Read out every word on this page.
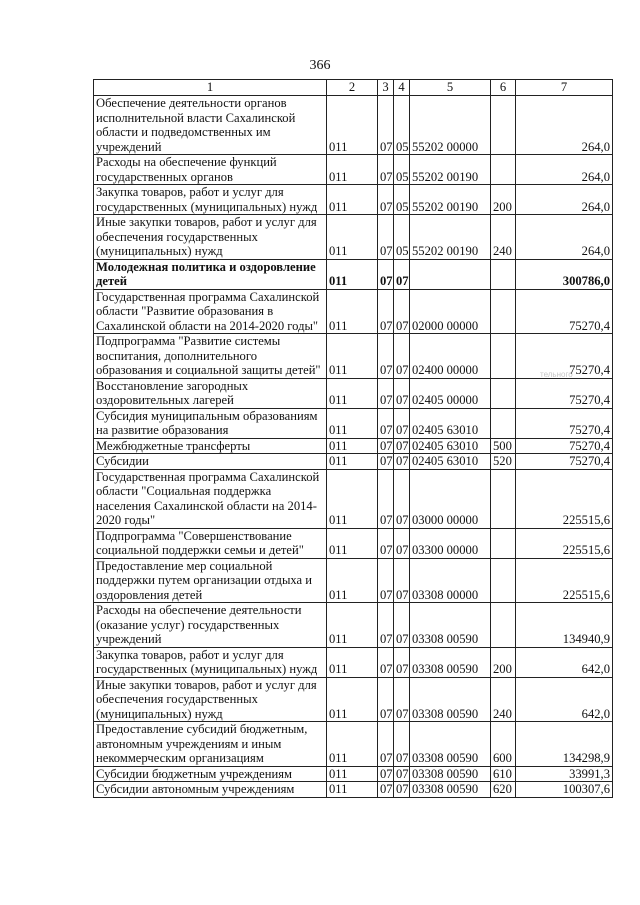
366
1	2	3	4	5	6	7
Обеспечение деятельности органов исполнительной власти Сахалинской области и подведомственных им учреждений	011	07	05	55202 00000		264,0
Расходы на обеспечение функций государственных органов	011	07	05	55202 00190		264,0
Закупка товаров, работ и услуг для государственных (муниципальных) нужд	011	07	05	55202 00190	200	264,0
Иные закупки товаров, работ и услуг для обеспечения государственных (муниципальных) нужд	011	07	05	55202 00190	240	264,0
Молодежная политика и оздоровление детей	011	07	07			300786,0
Государственная программа Сахалинской области "Развитие образования в Сахалинской области на 2014-2020 годы"	011	07	07	02000 00000		75270,4
Подпрограмма "Развитие системы воспитания, дополнительного образования и социальной защиты детей"	011	07	07	02400 00000		75270,4
Восстановление загородных оздоровительных лагерей	011	07	07	02405 00000		75270,4
Субсидия муниципальным образованиям на развитие образования	011	07	07	02405 63010		75270,4
Межбюджетные трансферты	011	07	07	02405 63010	500	75270,4
Субсидии	011	07	07	02405 63010	520	75270,4
Государственная программа Сахалинской области "Социальная поддержка населения Сахалинской области на 2014-2020 годы"	011	07	07	03000 00000		225515,6
Подпрограмма "Совершенствование социальной поддержки семьи и детей"	011	07	07	03300 00000		225515,6
Предоставление мер социальной поддержки путем организации отдыха и оздоровления детей	011	07	07	03308 00000		225515,6
Расходы на обеспечение деятельности (оказание услуг) государственных учреждений	011	07	07	03308 00590		134940,9
Закупка товаров, работ и услуг для государственных (муниципальных) нужд	011	07	07	03308 00590	200	642,0
Иные закупки товаров, работ и услуг для обеспечения государственных (муниципальных) нужд	011	07	07	03308 00590	240	642,0
Предоставление субсидий бюджетным, автономным учреждениям и иным некоммерческим организациям	011	07	07	03308 00590	600	134298,9
Субсидии бюджетным учреждениям	011	07	07	03308 00590	610	33991,3
Субсидии автономным учреждениям	011	07	07	03308 00590	620	100307,6
тельного
